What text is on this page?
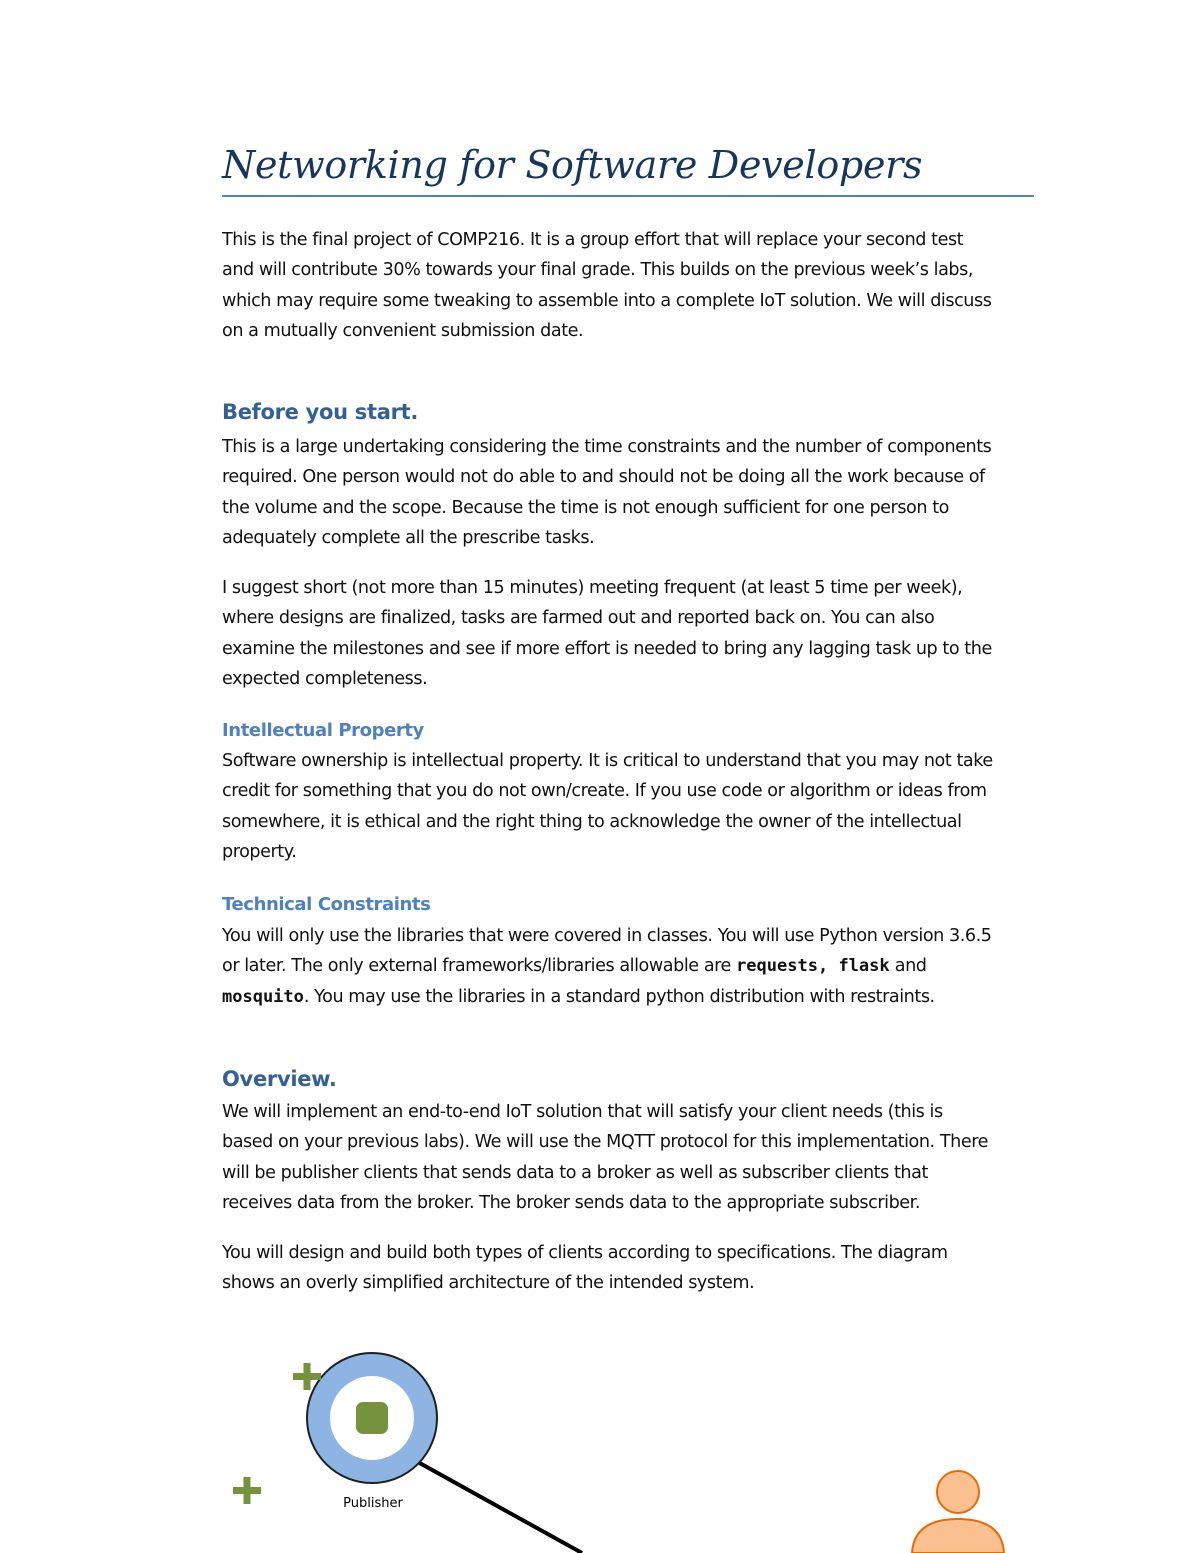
Networking for Software Developers

This is the final project of COMP216. It is a group effort that will replace your second test
and will contribute 30% towards your final grade. This builds on the previous week’s labs,
which may require some tweaking to assemble into a complete IoT solution. We will discuss
on a mutually convenient submission date.

Before you start.

This is a large undertaking considering the time constraints and the number of components
required. One person would not do able to and should not be doing all the work because of
the volume and the scope. Because the time is not enough sufficient for one person to
adequately complete all the prescribe tasks.

I suggest short (not more than 15 minutes) meeting frequent (at least 5 time per week),
where designs are finalized, tasks are farmed out and reported back on. You can also
examine the milestones and see if more effort is needed to bring any lagging task up to the
expected completeness.

Intellectual Property

Software ownership is intellectual property. It is critical to understand that you may not take
credit for something that you do not own/create. If you use code or algorithm or ideas from
somewhere, it is ethical and the right thing to acknowledge the owner of the intellectual
property.

Technical Constraints

You will only use the libraries that were covered in classes. You will use Python version 3.6.5
or later. The only external frameworks/libraries allowable are requests, flask and
mosquito. You may use the libraries in a standard python distribution with restraints.

Overview.

We will implement an end-to-end IoT solution that will satisfy your client needs (this is
based on your previous labs). We will use the MQTT protocol for this implementation. There
will be publisher clients that sends data to a broker as well as subscriber clients that
receives data from the broker. The broker sends data to the appropriate subscriber.

You will design and build both types of clients according to specifications. The diagram
shows an overly simplified architecture of the intended system.

Publisher
